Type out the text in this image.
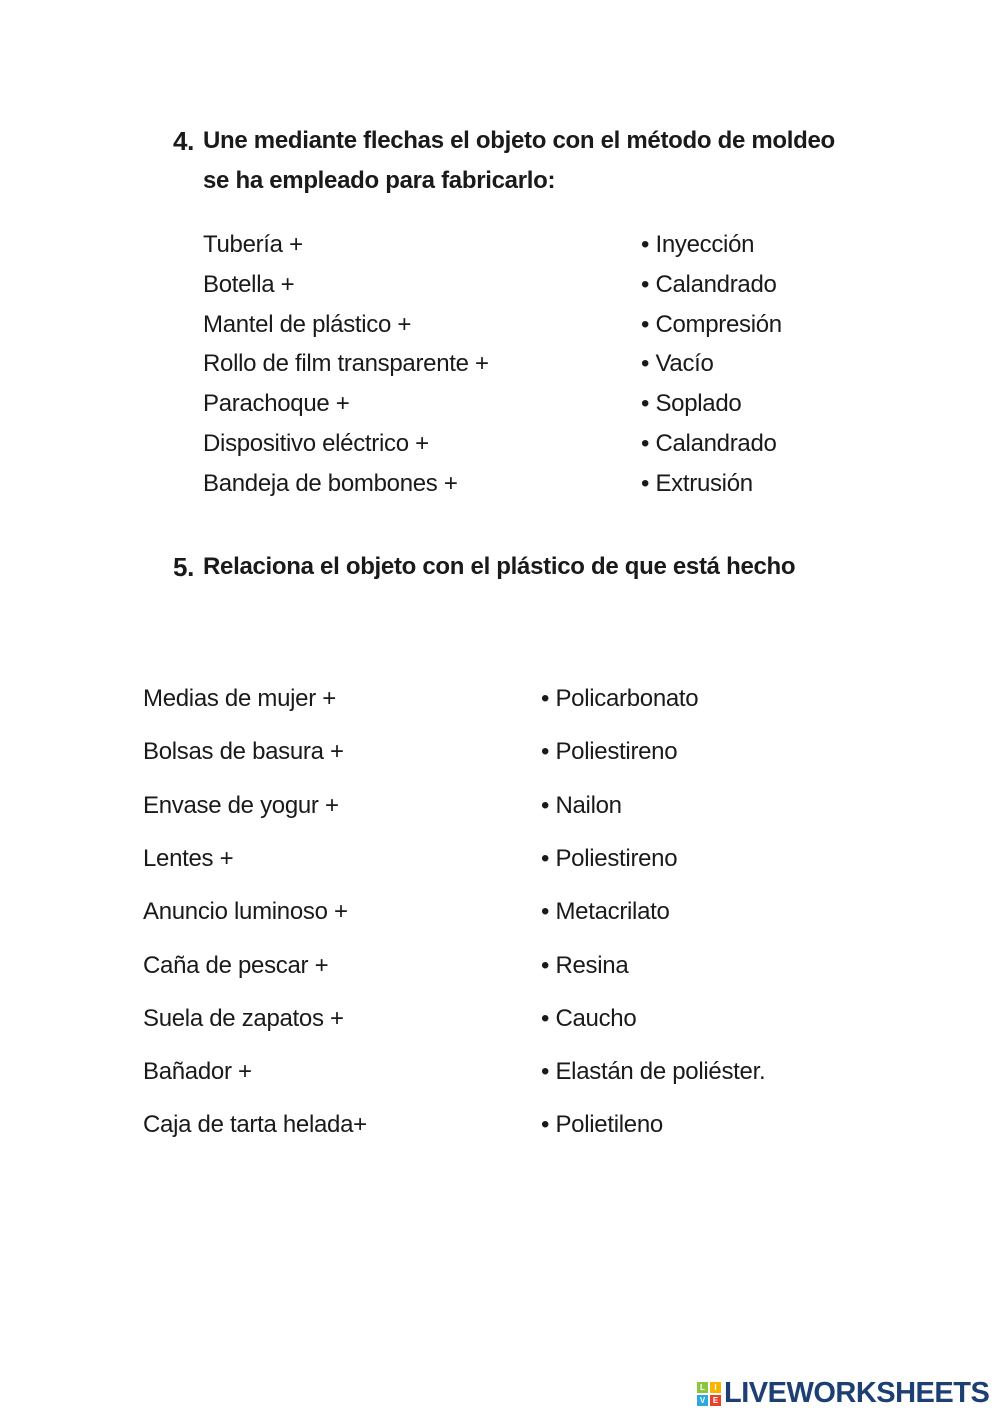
4. Une mediante flechas el objeto con el método de moldeo se ha empleado para fabricarlo:
Tubería +	• Inyección
Botella +	• Calandrado
Mantel de plástico +	• Compresión
Rollo de film transparente +	• Vacío
Parachoque +	• Soplado
Dispositivo eléctrico +	• Calandrado
Bandeja de bombones +	• Extrusión
5. Relaciona el objeto con el plástico de que está hecho
Medias de mujer +	• Policarbonato
Bolsas de basura +	• Poliestireno
Envase de yogur +	• Nailon
Lentes +	• Poliestireno
Anuncio luminoso +	• Metacrilato
Caña de pescar +	• Resina
Suela de zapatos +	• Caucho
Bañador +	• Elastán de poliéster.
Caja de tarta helada+	• Polietileno
L	I
V E LIVEWORKSHEETS
